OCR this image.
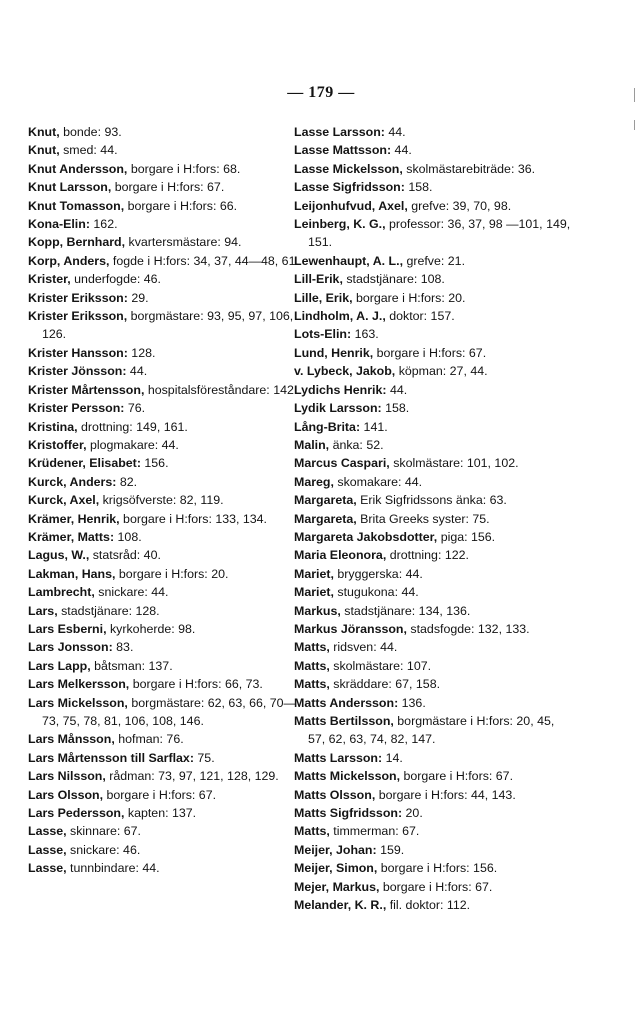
— 179 —

Knut, bonde: 93.

Knut, smed: 44.

Knut Andersson, borgare i H:fors: 68.

Knut Larsson, borgare i H:fors: 67.

Knut Tomasson, borgare i H:fors: 66.

Kona-Elin: 162.

Kopp, Bernhard, kvartersmästare: 94.

Korp, Anders, fogde i H:fors: 34, 37, 44—48, 61.

Krister, underfogde: 46.

Krister Eriksson: 29.

Krister Eriksson, borgmästare: 93, 95, 97, 106, 126.

Krister Hansson: 128.

Krister Jönsson: 44.

Krister Mårtensson, hospitalsföreståndare: 142.

Krister Persson: 76.

Kristina, drottning: 149, 161.

Kristoffer, plogmakare: 44.

Krüdener, Elisabet: 156.

Kurck, Anders: 82.

Kurck, Axel, krigsöfverste: 82, 119.

Krämer, Henrik, borgare i H:fors: 133, 134.

Krämer, Matts: 108.

Lagus, W., statsråd: 40.

Lakman, Hans, borgare i H:fors: 20.

Lambrecht, snickare: 44.

Lars, stadstjänare: 128.

Lars Esberni, kyrkoherde: 98.

Lars Jonsson: 83.

Lars Lapp, båtsman: 137.

Lars Melkersson, borgare i H:fors: 66, 73.

Lars Mickelsson, borgmästare: 62, 63, 66, 70—73, 75, 78, 81, 106, 108, 146.

Lars Månsson, hofman: 76.

Lars Mårtensson till Sarflax: 75.

Lars Nilsson, rådman: 73, 97, 121, 128, 129.

Lars Olsson, borgare i H:fors: 67.

Lars Pedersson, kapten: 137.

Lasse, skinnare: 67.

Lasse, snickare: 46.

Lasse, tunnbindare: 44.

Lasse Larsson: 44.

Lasse Mattsson: 44.

Lasse Mickelsson, skolmästarebiträde: 36.

Lasse Sigfridsson: 158.

Leijonhufvud, Axel, grefve: 39, 70, 98.

Leinberg, K. G., professor: 36, 37, 98 —101, 149, 151.

Lewenhaupt, A. L., grefve: 21.

Lill-Erik, stadstjänare: 108.

Lille, Erik, borgare i H:fors: 20.

Lindholm, A. J., doktor: 157.

Lots-Elin: 163.

Lund, Henrik, borgare i H:fors: 67.

v. Lybeck, Jakob, köpman: 27, 44.

Lydichs Henrik: 44.

Lydik Larsson: 158.

Lång-Brita: 141.

Malin, änka: 52.

Marcus Caspari, skolmästare: 101, 102.

Mareg, skomakare: 44.

Margareta, Erik Sigfridssons änka: 63.

Margareta, Brita Greeks syster: 75.

Margareta Jakobsdotter, piga: 156.

Maria Eleonora, drottning: 122.

Mariet, bryggerska: 44.

Mariet, stugukona: 44.

Markus, stadstjänare: 134, 136.

Markus Jöransson, stadsfogde: 132, 133.

Matts, ridsven: 44.

Matts, skolmästare: 107.

Matts, skräddare: 67, 158.

Matts Andersson: 136.

Matts Bertilsson, borgmästare i H:fors: 20, 45, 57, 62, 63, 74, 82, 147.

Matts Larsson: 14.

Matts Mickelsson, borgare i H:fors: 67.

Matts Olsson, borgare i H:fors: 44, 143.

Matts Sigfridsson: 20.

Matts, timmerman: 67.

Meijer, Johan: 159.

Meijer, Simon, borgare i H:fors: 156.

Mejer, Markus, borgare i H:fors: 67.

Melander, K. R., fil. doktor: 112.
